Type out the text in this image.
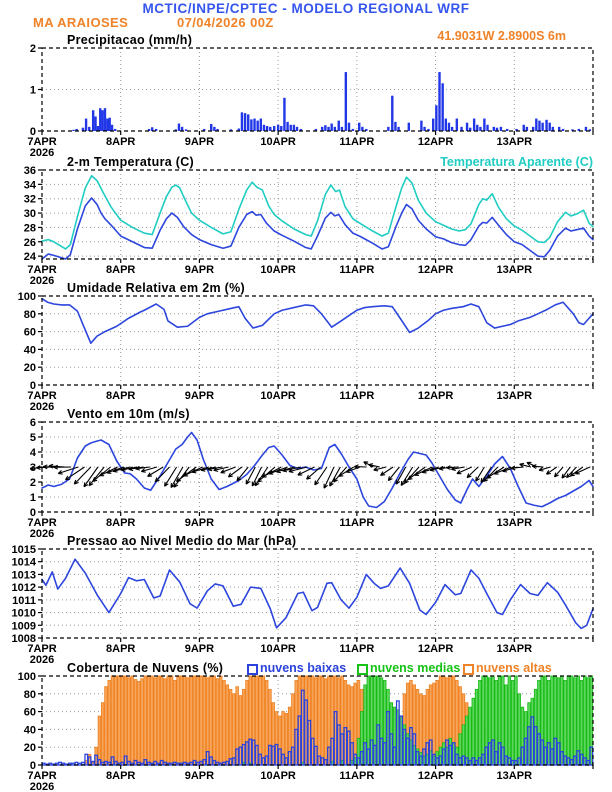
MCTIC/INPE/CPTEC - MODELO REGIONAL WRF
MA ARAIOSES	07/04/2026 00Z
0
1
2
7APR	8APR	9APR	10APR	11APR	12APR	13APR
2026
24
26
28
30
32
34
36
7APR	8APR	9APR	10APR	11APR	12APR	13APR
2026
0
20
40
60
80
100
7APR	8APR	9APR	10APR	11APR	12APR	13APR
2026
0
1
2
3
4
5
6
7APR	8APR	9APR	10APR	11APR	12APR	13APR
2026
1008
1009
1010
1011
1012
1013
1014
1015
7APR	8APR	9APR	10APR	11APR	12APR	13APR
2026
0
20
40
60
80
100
7APR	8APR	9APR	10APR	11APR	12APR	13APR
2026
Precipitacao (mm/h)	41.9031W 2.8900S 6m
2-m Temperatura (C)	Temperatura Aparente (C)
Umidade Relativa em 2m (%)
Vento em 10m (m/s)
Pressao ao Nivel Medio do Mar (hPa)
Cobertura de Nuvens (%)	nuvens baixas nuvens medias nuvens altas
